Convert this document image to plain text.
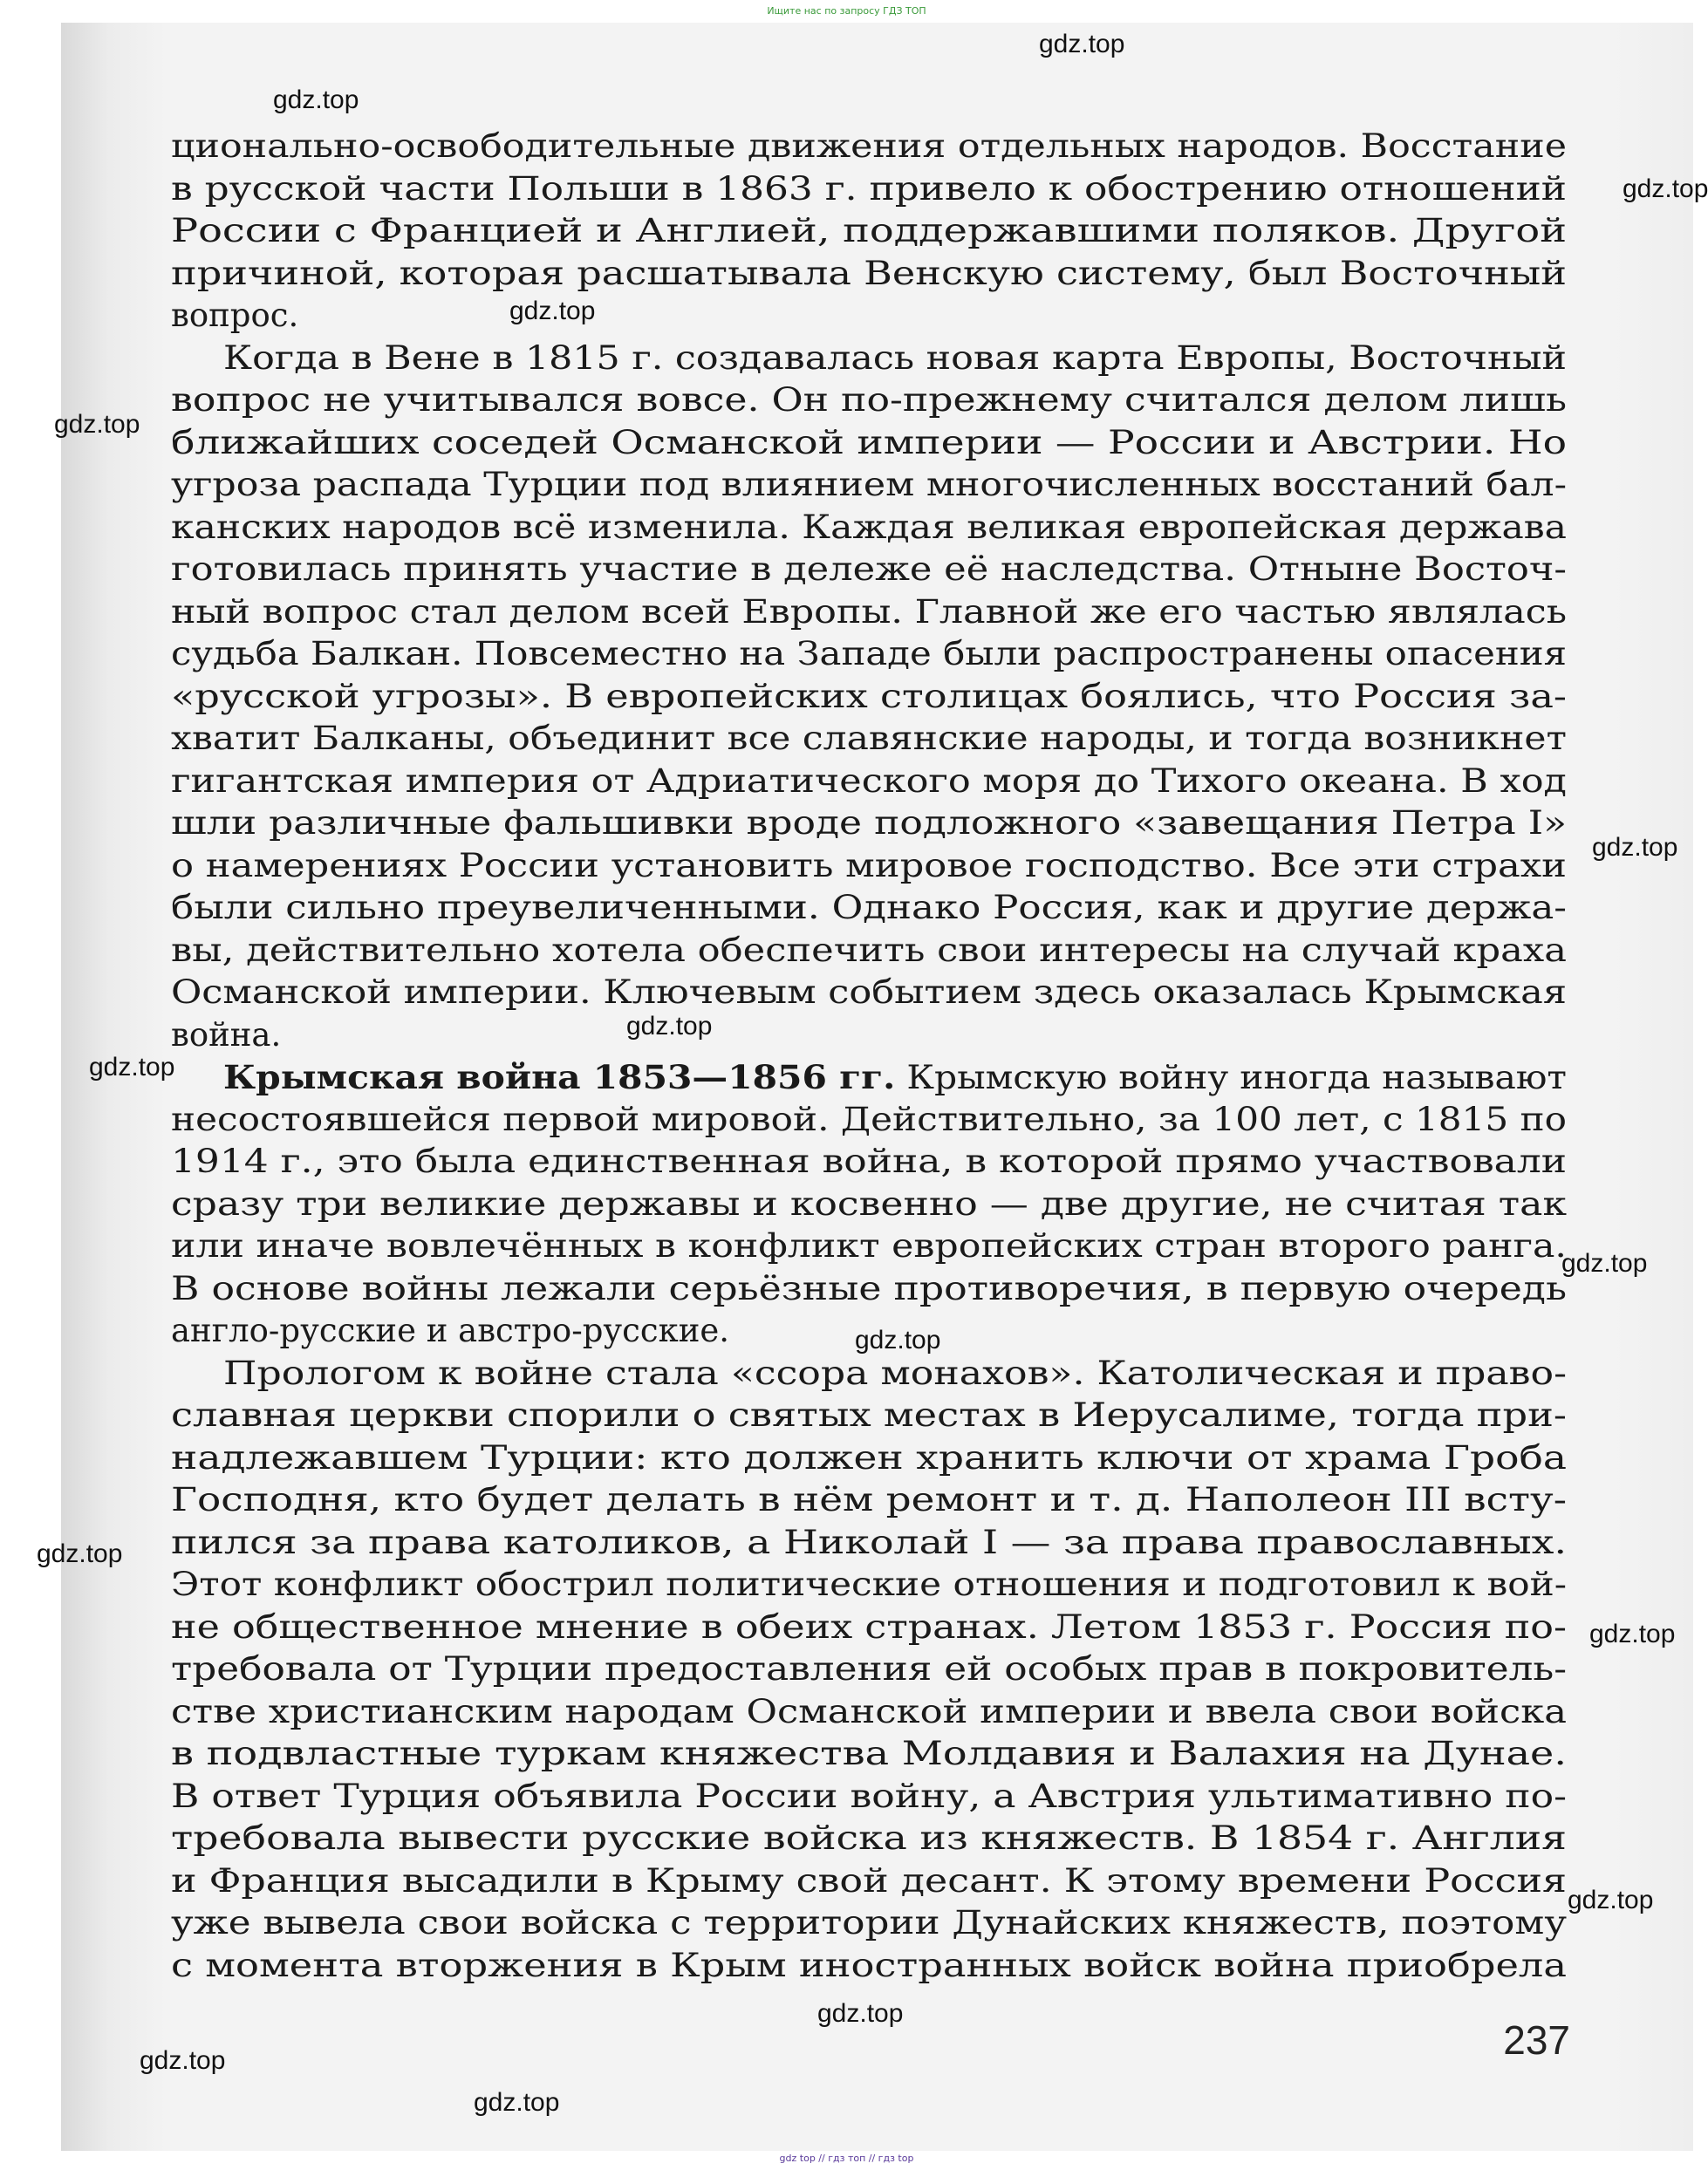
Ищите нас по запросу ГДЗ ТОП
gdz.top
gdz.top
gdz.top
gdz.top
gdz.top
gdz.top
gdz.top
gdz.top
gdz.top
gdz.top
gdz.top
gdz.top
gdz.top
gdz.top
gdz.top
gdz.top
ционально-освободительные движения отдельных народов. Восстание
в русской части Польши в 1863 г. привело к обострению отношений
России с Францией и Англией, поддержавшими поляков. Другой
причиной, которая расшатывала Венскую систему, был Восточный
вопрос.
Когда в Вене в 1815 г. создавалась новая карта Европы, Восточный
вопрос не учитывался вовсе. Он по-прежнему считался делом лишь
ближайших соседей Османской империи — России и Австрии. Но
угроза распада Турции под влиянием многочисленных восстаний бал-
канских народов всё изменила. Каждая великая европейская держава
готовилась принять участие в дележе её наследства. Отныне Восточ-
ный вопрос стал делом всей Европы. Главной же его частью являлась
судьба Балкан. Повсеместно на Западе были распространены опасения
«русской угрозы». В европейских столицах боялись, что Россия за-
хватит Балканы, объединит все славянские народы, и тогда возникнет
гигантская империя от Адриатического моря до Тихого океана. В ход
шли различные фальшивки вроде подложного «завещания Петра I»
о намерениях России установить мировое господство. Все эти страхи
были сильно преувеличенными. Однако Россия, как и другие держа-
вы, действительно хотела обеспечить свои интересы на случай краха
Османской империи. Ключевым событием здесь оказалась Крымская
война.
Крымская война 1853—1856 гг. Крымскую войну иногда называют
несостоявшейся первой мировой. Действительно, за 100 лет, с 1815 по
1914 г., это была единственная война, в которой прямо участвовали
сразу три великие державы и косвенно — две другие, не считая так
или иначе вовлечённых в конфликт европейских стран второго ранга.
В основе войны лежали серьёзные противоречия, в первую очередь
англо-русские и австро-русские.
Прологом к войне стала «ссора монахов». Католическая и право-
славная церкви спорили о святых местах в Иерусалиме, тогда при-
надлежавшем Турции: кто должен хранить ключи от храма Гроба
Господня, кто будет делать в нём ремонт и т. д. Наполеон III всту-
пился за права католиков, а Николай I — за права православных.
Этот конфликт обострил политические отношения и подготовил к вой-
не общественное мнение в обеих странах. Летом 1853 г. Россия по-
требовала от Турции предоставления ей особых прав в покровитель-
стве христианским народам Османской империи и ввела свои войска
в подвластные туркам княжества Молдавия и Валахия на Дунае.
В ответ Турция объявила России войну, а Австрия ультимативно по-
требовала вывести русские войска из княжеств. В 1854 г. Англия
и Франция высадили в Крыму свой десант. К этому времени Россия
уже вывела свои войска с территории Дунайских княжеств, поэтому
с момента вторжения в Крым иностранных войск война приобрела
237
gdz top // гдз топ // гдз top
